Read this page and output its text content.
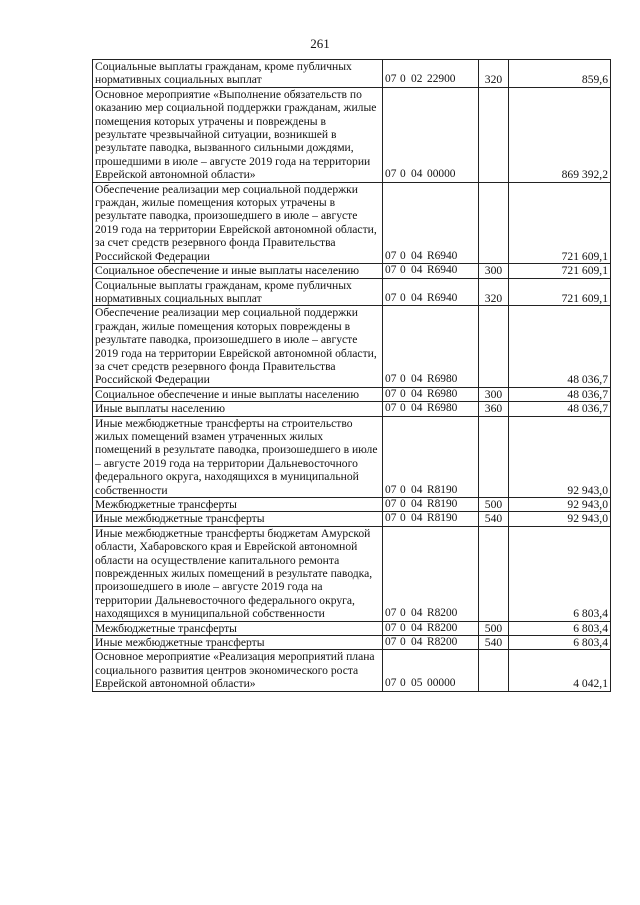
261
Социальные выплаты гражданам, кроме публичных нормативных социальных выплат	07 0 02 22900	320	859,6
Основное мероприятие «Выполнение обязательств по оказанию мер социальной поддержки гражданам, жилые помещения которых утрачены и повреждены в результате чрезвычайной ситуации, возникшей в результате паводка, вызванного сильными дождями, прошедшими в июле – августе 2019 года на территории Еврейской автономной области»	07 0 04 00000		869 392,2
Обеспечение реализации мер социальной поддержки граждан, жилые помещения которых утрачены в результате паводка, произошедшего в июле – августе 2019 года на территории Еврейской автономной области, за счет средств резервного фонда Правительства Российской Федерации	07 0 04 R6940		721 609,1
Социальное обеспечение и иные выплаты населению	07 0 04 R6940	300	721 609,1
Социальные выплаты гражданам, кроме публичных нормативных социальных выплат	07 0 04 R6940	320	721 609,1
Обеспечение реализации мер социальной поддержки граждан, жилые помещения которых повреждены в результате паводка, произошедшего в июле – августе 2019 года на территории Еврейской автономной области, за счет средств резервного фонда Правительства Российской Федерации	07 0 04 R6980		48 036,7
Социальное обеспечение и иные выплаты населению	07 0 04 R6980	300	48 036,7
Иные выплаты населению	07 0 04 R6980	360	48 036,7
Иные межбюджетные трансферты на строительство жилых помещений взамен утраченных жилых помещений в результате паводка, произошедшего в июле – августе 2019 года на территории Дальневосточного федерального округа, находящихся в муниципальной собственности	07 0 04 R8190		92 943,0
Межбюджетные трансферты	07 0 04 R8190	500	92 943,0
Иные межбюджетные трансферты	07 0 04 R8190	540	92 943,0
Иные межбюджетные трансферты бюджетам Амурской области, Хабаровского края и Еврейской автономной области на осуществление капитального ремонта поврежденных жилых помещений в результате паводка, произошедшего в июле – августе 2019 года на территории Дальневосточного федерального округа, находящихся в муниципальной собственности	07 0 04 R8200		6 803,4
Межбюджетные трансферты	07 0 04 R8200	500	6 803,4
Иные межбюджетные трансферты	07 0 04 R8200	540	6 803,4
Основное мероприятие «Реализация мероприятий плана социального развития центров экономического роста Еврейской автономной области»	07 0 05 00000		4 042,1
